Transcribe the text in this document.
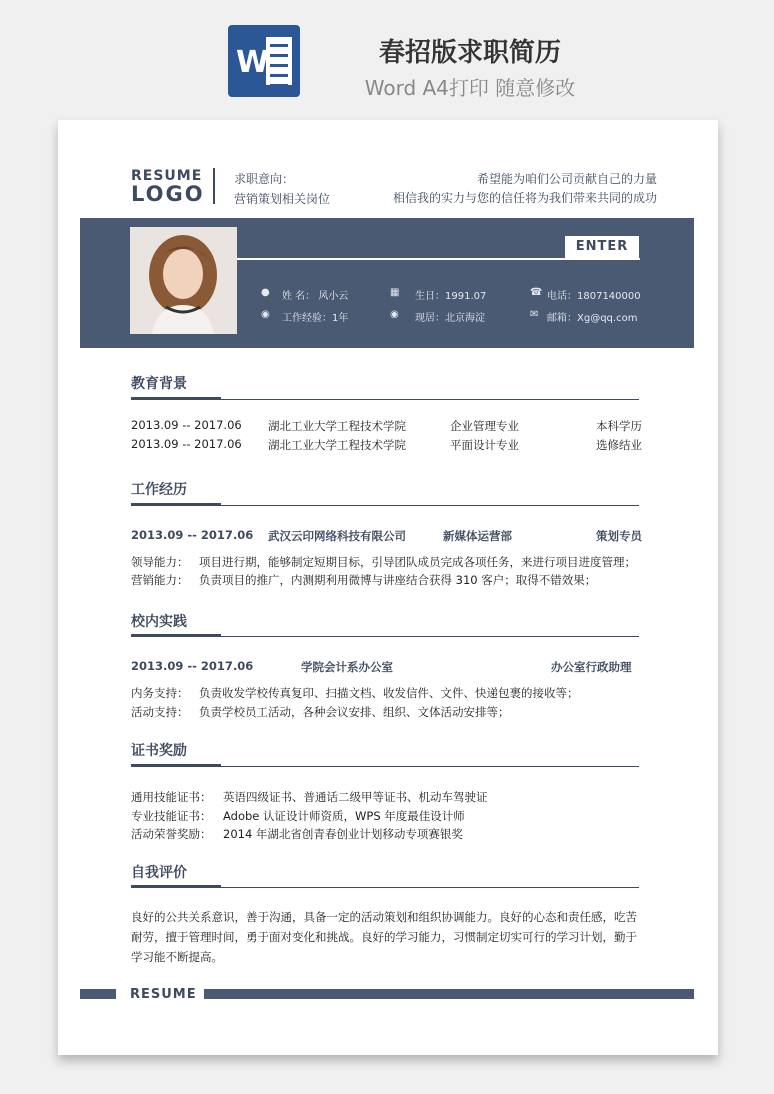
W	春招版求职简历
Word A4打印 随意修改
RESUME
LOGO
求职意向：
营销策划相关岗位
希望能为咱们公司贡献自己的力量
相信我的实力与您的信任将为我们带来共同的成功
ENTER
● 姓 名： 风小云
◉ 工作经验：1年
▦ 生日：1991.07
◉ 现居：北京海淀
☎ 电话：1807140000
✉ 邮箱：Xg@qq.com
教育背景
2013.09 -- 2017.06 湖北工业大学工程技术学院	企业管理专业	本科学历
2013.09 -- 2017.06 湖北工业大学工程技术学院	平面设计专业	选修结业
工作经历
2013.09 -- 2017.06 武汉云印网络科技有限公司	新媒体运营部	策划专员
领导能力： 项目进行期，能够制定短期目标，引导团队成员完成各项任务，来进行项目进度管理；
营销能力： 负责项目的推广，内测期利用微博与讲座结合获得 310 客户；取得不错效果；
校内实践
2013.09 -- 2017.06	学院会计系办公室	办公室行政助理
内务支持： 负责收发学校传真复印、扫描文档、收发信件、文件、快递包裹的接收等；
活动支持： 负责学校员工活动，各种会议安排、组织、文体活动安排等；
证书奖励
通用技能证书： 英语四级证书、普通话二级甲等证书、机动车驾驶证
专业技能证书： Adobe 认证设计师资质，WPS 年度最佳设计师
活动荣誉奖励： 2014 年湖北省创青春创业计划移动专项赛银奖
自我评价
良好的公共关系意识，善于沟通，具备一定的活动策划和组织协调能力。良好的心态和责任感，吃苦耐劳，擅于管理时间，勇于面对变化和挑战。良好的学习能力，习惯制定切实可行的学习计划，勤于学习能不断提高。
RESUME
